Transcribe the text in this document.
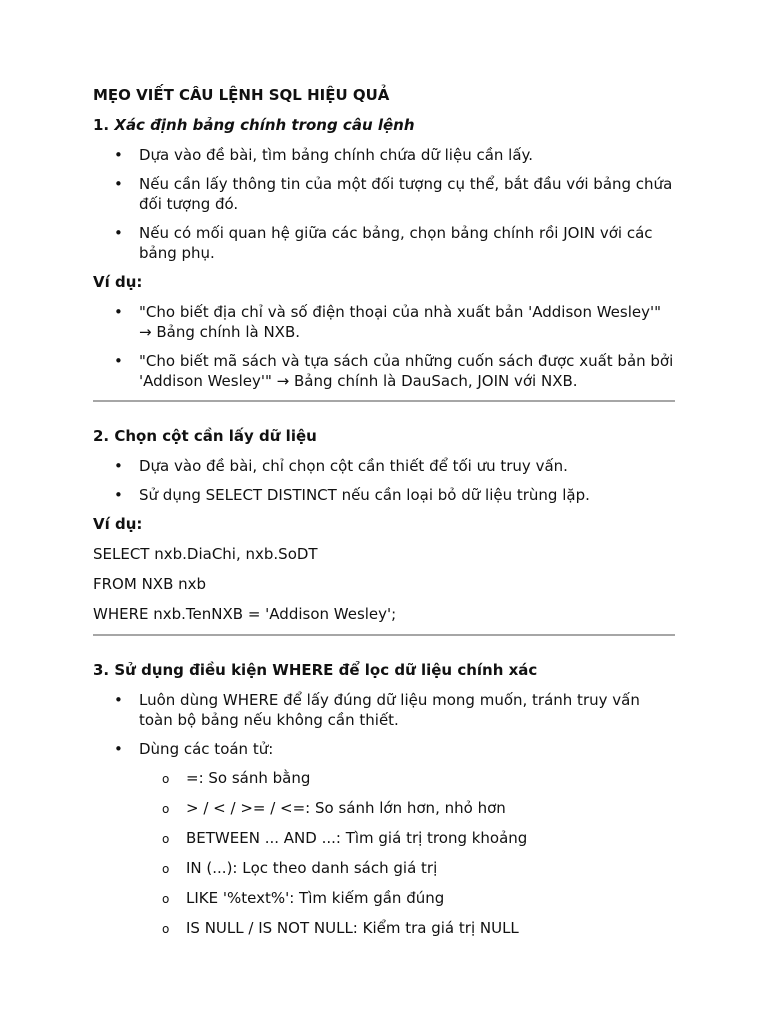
MẸO VIẾT CÂU LỆNH SQL HIỆU QUẢ
1. Xác định bảng chính trong câu lệnh
• Dựa vào đề bài, tìm bảng chính chứa dữ liệu cần lấy.
• Nếu cần lấy thông tin của một đối tượng cụ thể, bắt đầu với bảng chứa đối tượng đó.
• Nếu có mối quan hệ giữa các bảng, chọn bảng chính rồi JOIN với các bảng phụ.
Ví dụ:
• "Cho biết địa chỉ và số điện thoại của nhà xuất bản 'Addison Wesley'" → Bảng chính là NXB.
• "Cho biết mã sách và tựa sách của những cuốn sách được xuất bản bởi 'Addison Wesley'" → Bảng chính là DauSach, JOIN với NXB.
2. Chọn cột cần lấy dữ liệu
• Dựa vào đề bài, chỉ chọn cột cần thiết để tối ưu truy vấn.
• Sử dụng SELECT DISTINCT nếu cần loại bỏ dữ liệu trùng lặp.
Ví dụ:
SELECT nxb.DiaChi, nxb.SoDT
FROM NXB nxb
WHERE nxb.TenNXB = 'Addison Wesley';
3. Sử dụng điều kiện WHERE để lọc dữ liệu chính xác
• Luôn dùng WHERE để lấy đúng dữ liệu mong muốn, tránh truy vấn toàn bộ bảng nếu không cần thiết.
• Dùng các toán tử:
o =: So sánh bằng
o > / < / >= / <=: So sánh lớn hơn, nhỏ hơn
o BETWEEN ... AND ...: Tìm giá trị trong khoảng
o IN (...): Lọc theo danh sách giá trị
o LIKE '%text%': Tìm kiếm gần đúng
o IS NULL / IS NOT NULL: Kiểm tra giá trị NULL
